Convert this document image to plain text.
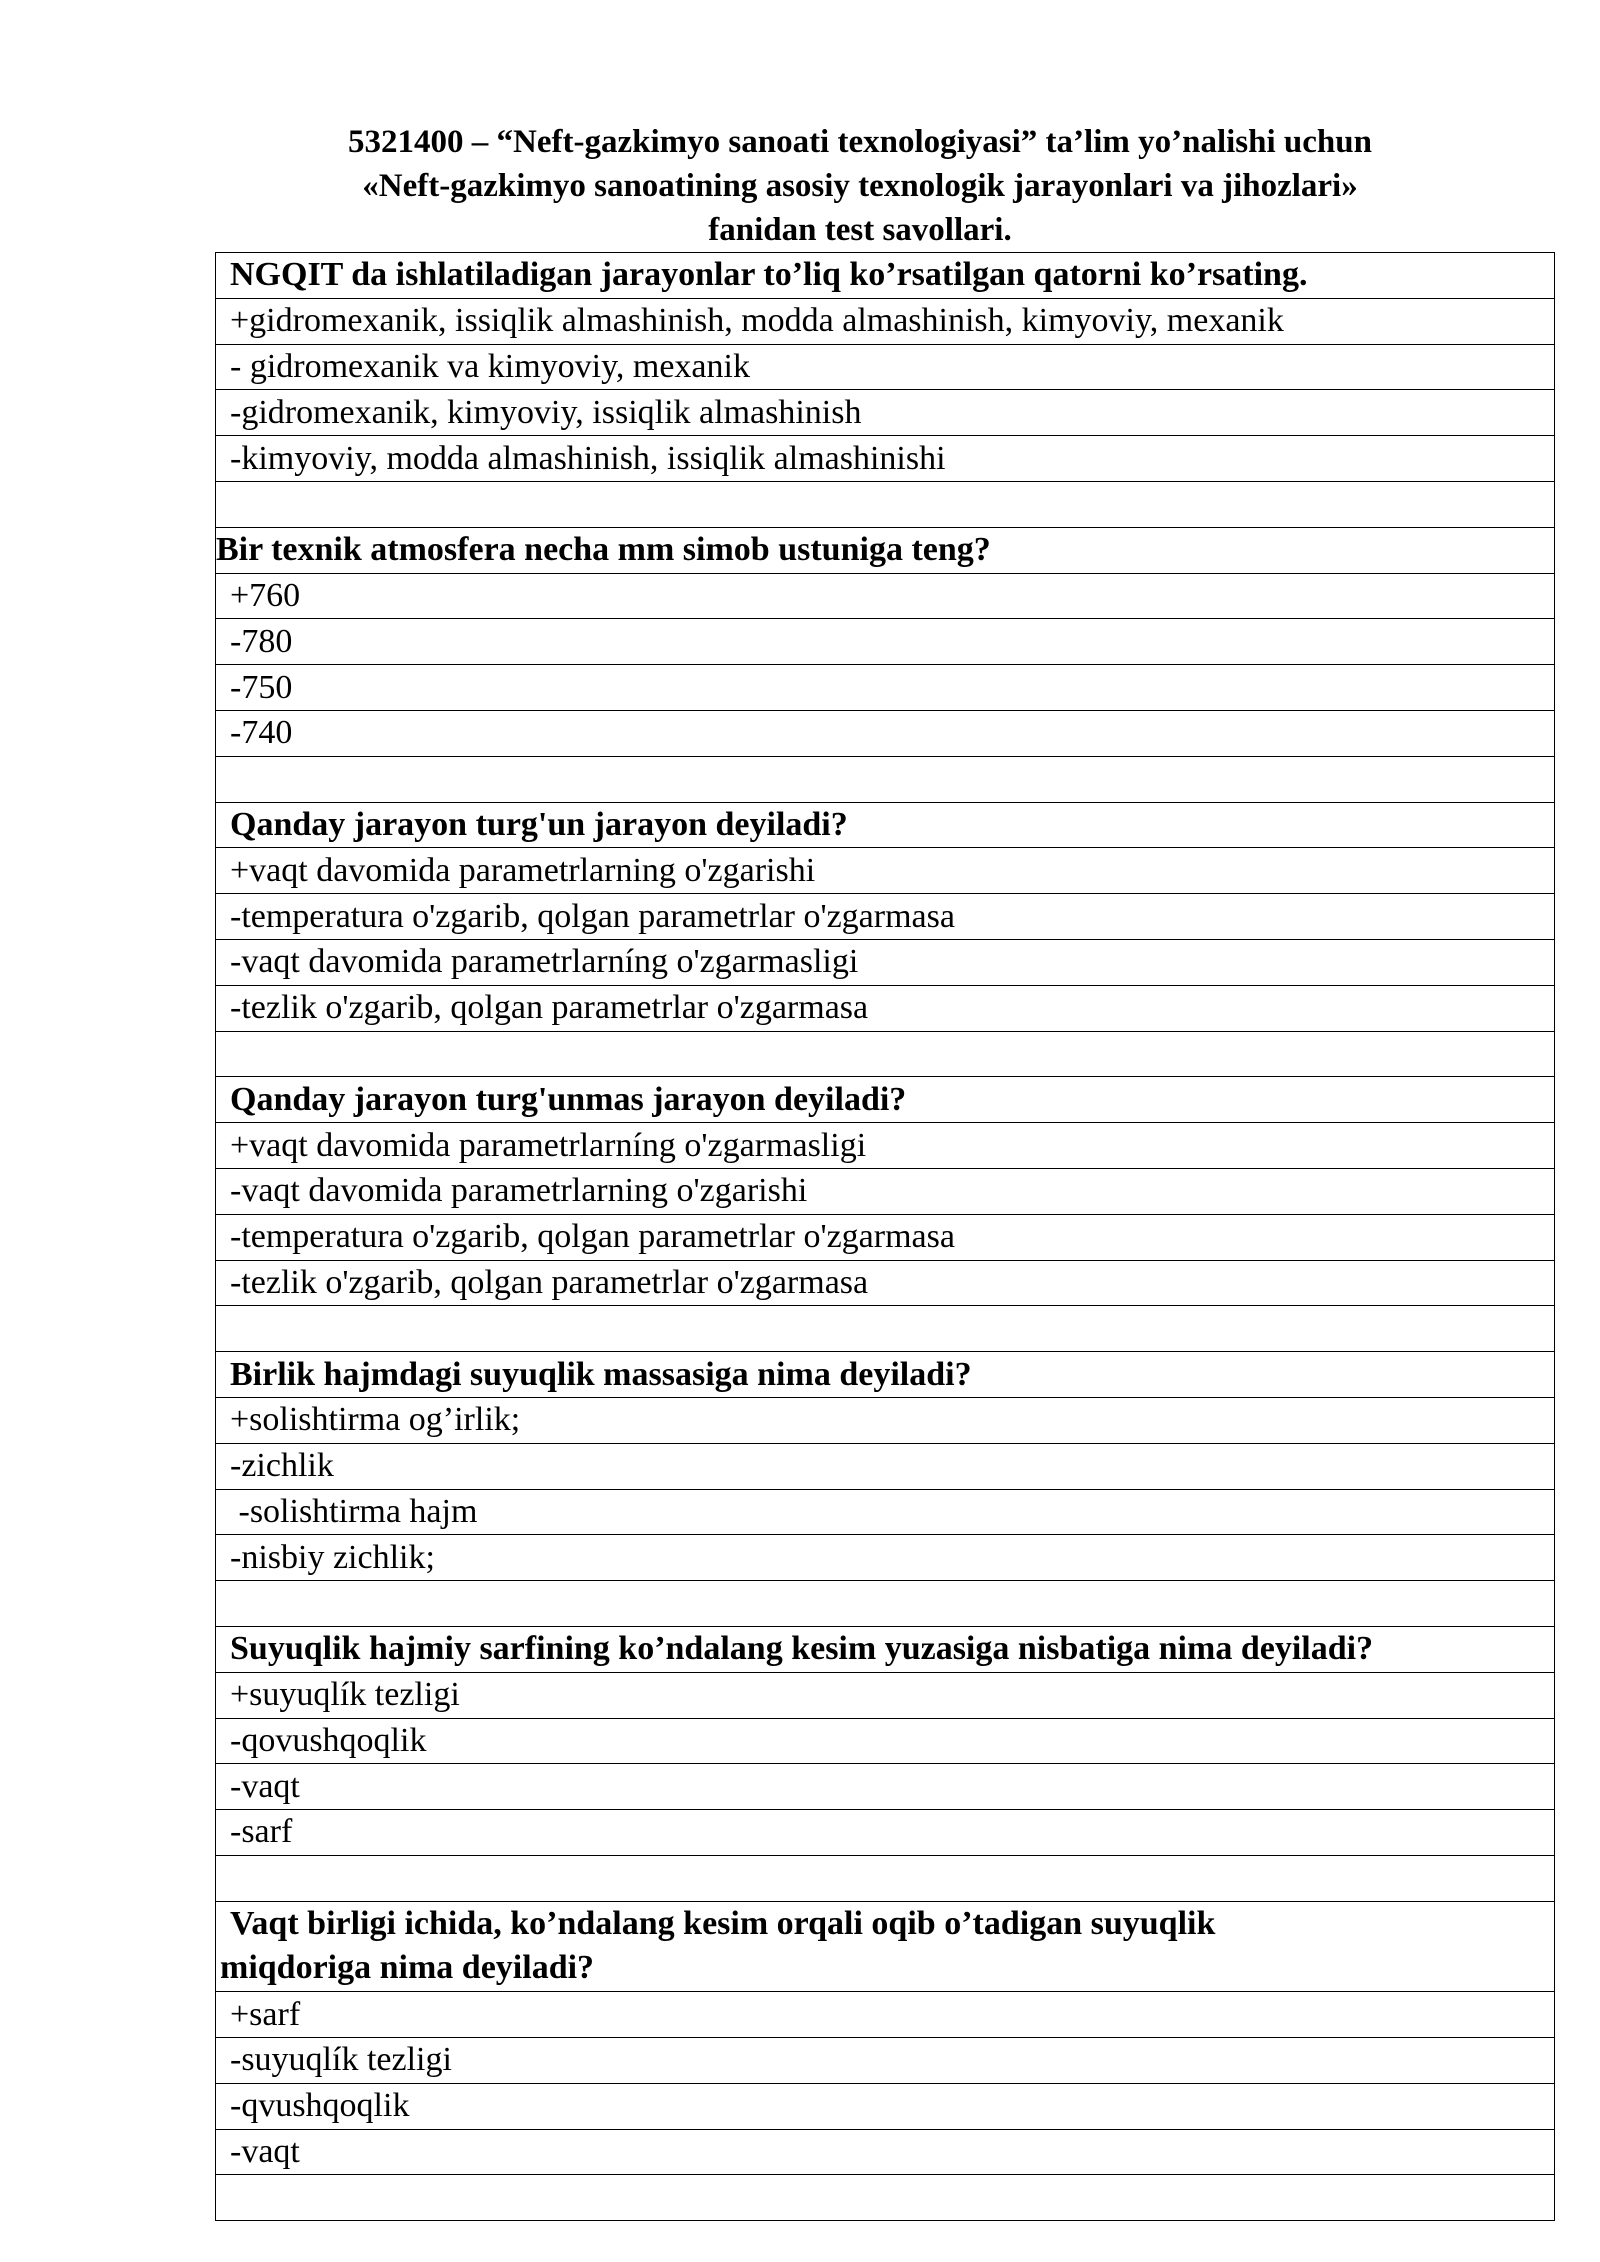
5321400 – “Neft-gazkimyo sanoati texnologiyasi” ta’lim yo’nalishi uchun
«Neft-gazkimyo sanoatining asosiy texnologik jarayonlari va jihozlari»
fanidan test savollari.
NGQIT da ishlatiladigan jarayonlar to’liq ko’rsatilgan qatorni ko’rsating.
+gidromexanik, issiqlik almashinish, modda almashinish, kimyoviy, mexanik
- gidromexanik va kimyoviy, mexanik
-gidromexanik, kimyoviy, issiqlik almashinish
-kimyoviy, modda almashinish, issiqlik almashinishi

Bir texnik atmosfera necha mm simob ustuniga teng?
+760
-780
-750
-740

Qanday jarayon turg'un jarayon deyiladi?
+vaqt davomida parametrlarning o'zgarishi
-temperatura o'zgarib, qolgan parametrlar o'zgarmasa
-vaqt davomida parametrlarníng o'zgarmasligi
-tezlik o'zgarib, qolgan parametrlar o'zgarmasa

Qanday jarayon turg'unmas jarayon deyiladi?
+vaqt davomida parametrlarníng o'zgarmasligi
-vaqt davomida parametrlarning o'zgarishi
-temperatura o'zgarib, qolgan parametrlar o'zgarmasa
-tezlik o'zgarib, qolgan parametrlar o'zgarmasa

Birlik hajmdagi suyuqlik massasiga nima deyiladi?
+solishtirma og’irlik;
-zichlik
-solishtirma hajm
-nisbiy zichlik;

Suyuqlik hajmiy sarfining ko’ndalang kesim yuzasiga nisbatiga nima deyiladi?
+suyuqlík tezligi
-qovushqoqlik
-vaqt
-sarf

Vaqt birligi ichida, ko’ndalang kesim orqali oqib o’tadigan suyuqlik
miqdoriga nima deyiladi?

+sarf
-suyuqlík tezligi
-qvushqoqlik
-vaqt
